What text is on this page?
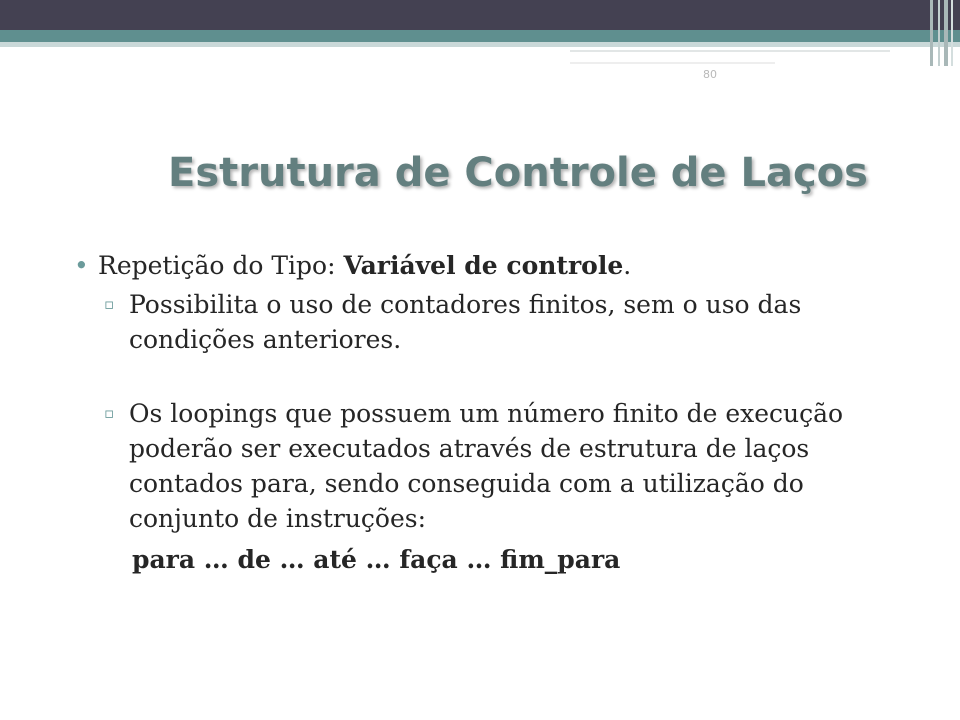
80
Estrutura de Controle de Laços
• Repetição do Tipo: Variável de controle.
▫ Possibilita o uso de contadores finitos, sem o uso das condições anteriores.
▫ Os loopings que possuem um número finito de execução poderão ser executados através de estrutura de laços contados para, sendo conseguida com a utilização do conjunto de instruções:
para … de … até … faça … fim_para
